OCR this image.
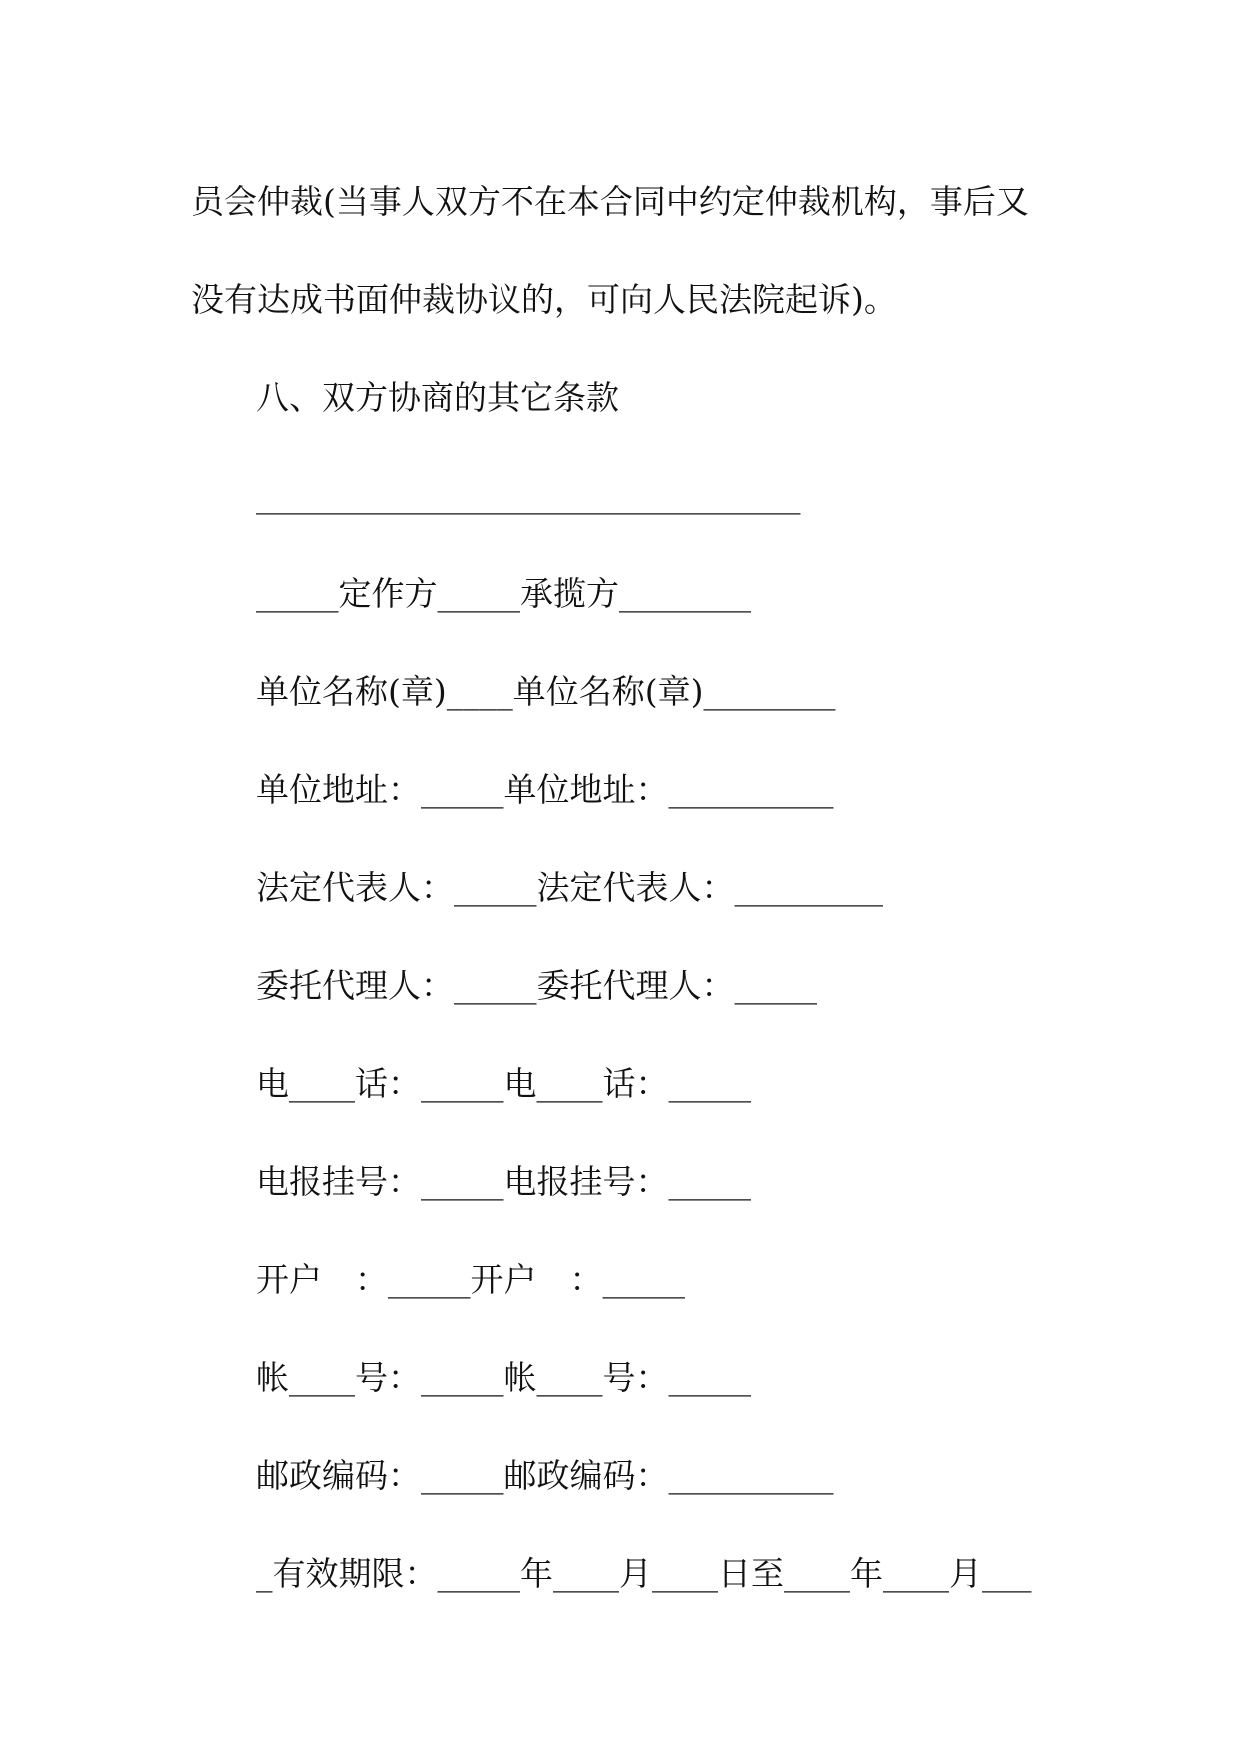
员会仲裁(当事人双方不在本合同中约定仲裁机构，事后又

没有达成书面仲裁协议的，可向人民法院起诉)。

八、双方协商的其它条款

_________________________________

_____定作方_____承揽方________

单位名称(章)____单位名称(章)________

单位地址：_____单位地址：__________

法定代表人：_____法定代表人：_________

委托代理人：_____委托代理人：_____

电____话：_____电____话：_____

电报挂号：_____电报挂号：_____

开户　：_____开户　：_____

帐____号：_____帐____号：_____

邮政编码：_____邮政编码：__________

_有效期限：_____年____月____日至____年____月___
